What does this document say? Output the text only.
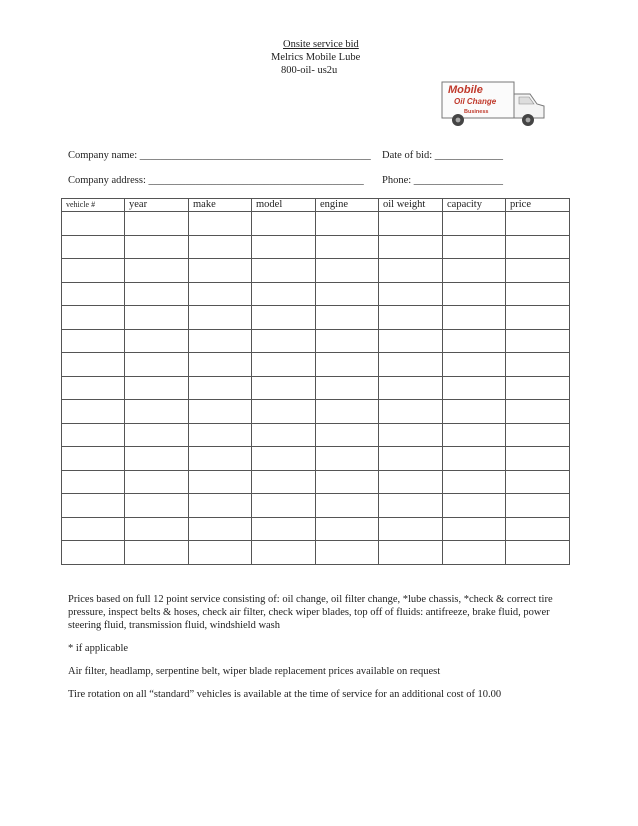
Onsite service bid
Melrics Mobile Lube
800-oil- us2u
Mobile
Oil Change
Business
Company name: ____________________________________________ Date of bid: _____________
Company address: _________________________________________ Phone: _________________
vehicle #	year	make	model	engine	oil weight	capacity	price

Prices based on full 12 point service consisting of: oil change, oil filter change, *lube chassis, *check & correct tire pressure, inspect belts & hoses, check air filter, check wiper blades, top off of fluids: antifreeze, brake fluid, power steering fluid, transmission fluid, windshield wash

* if applicable

Air filter, headlamp, serpentine belt, wiper blade replacement prices available on request

Tire rotation on all “standard” vehicles is available at the time of service for an additional cost of 10.00
